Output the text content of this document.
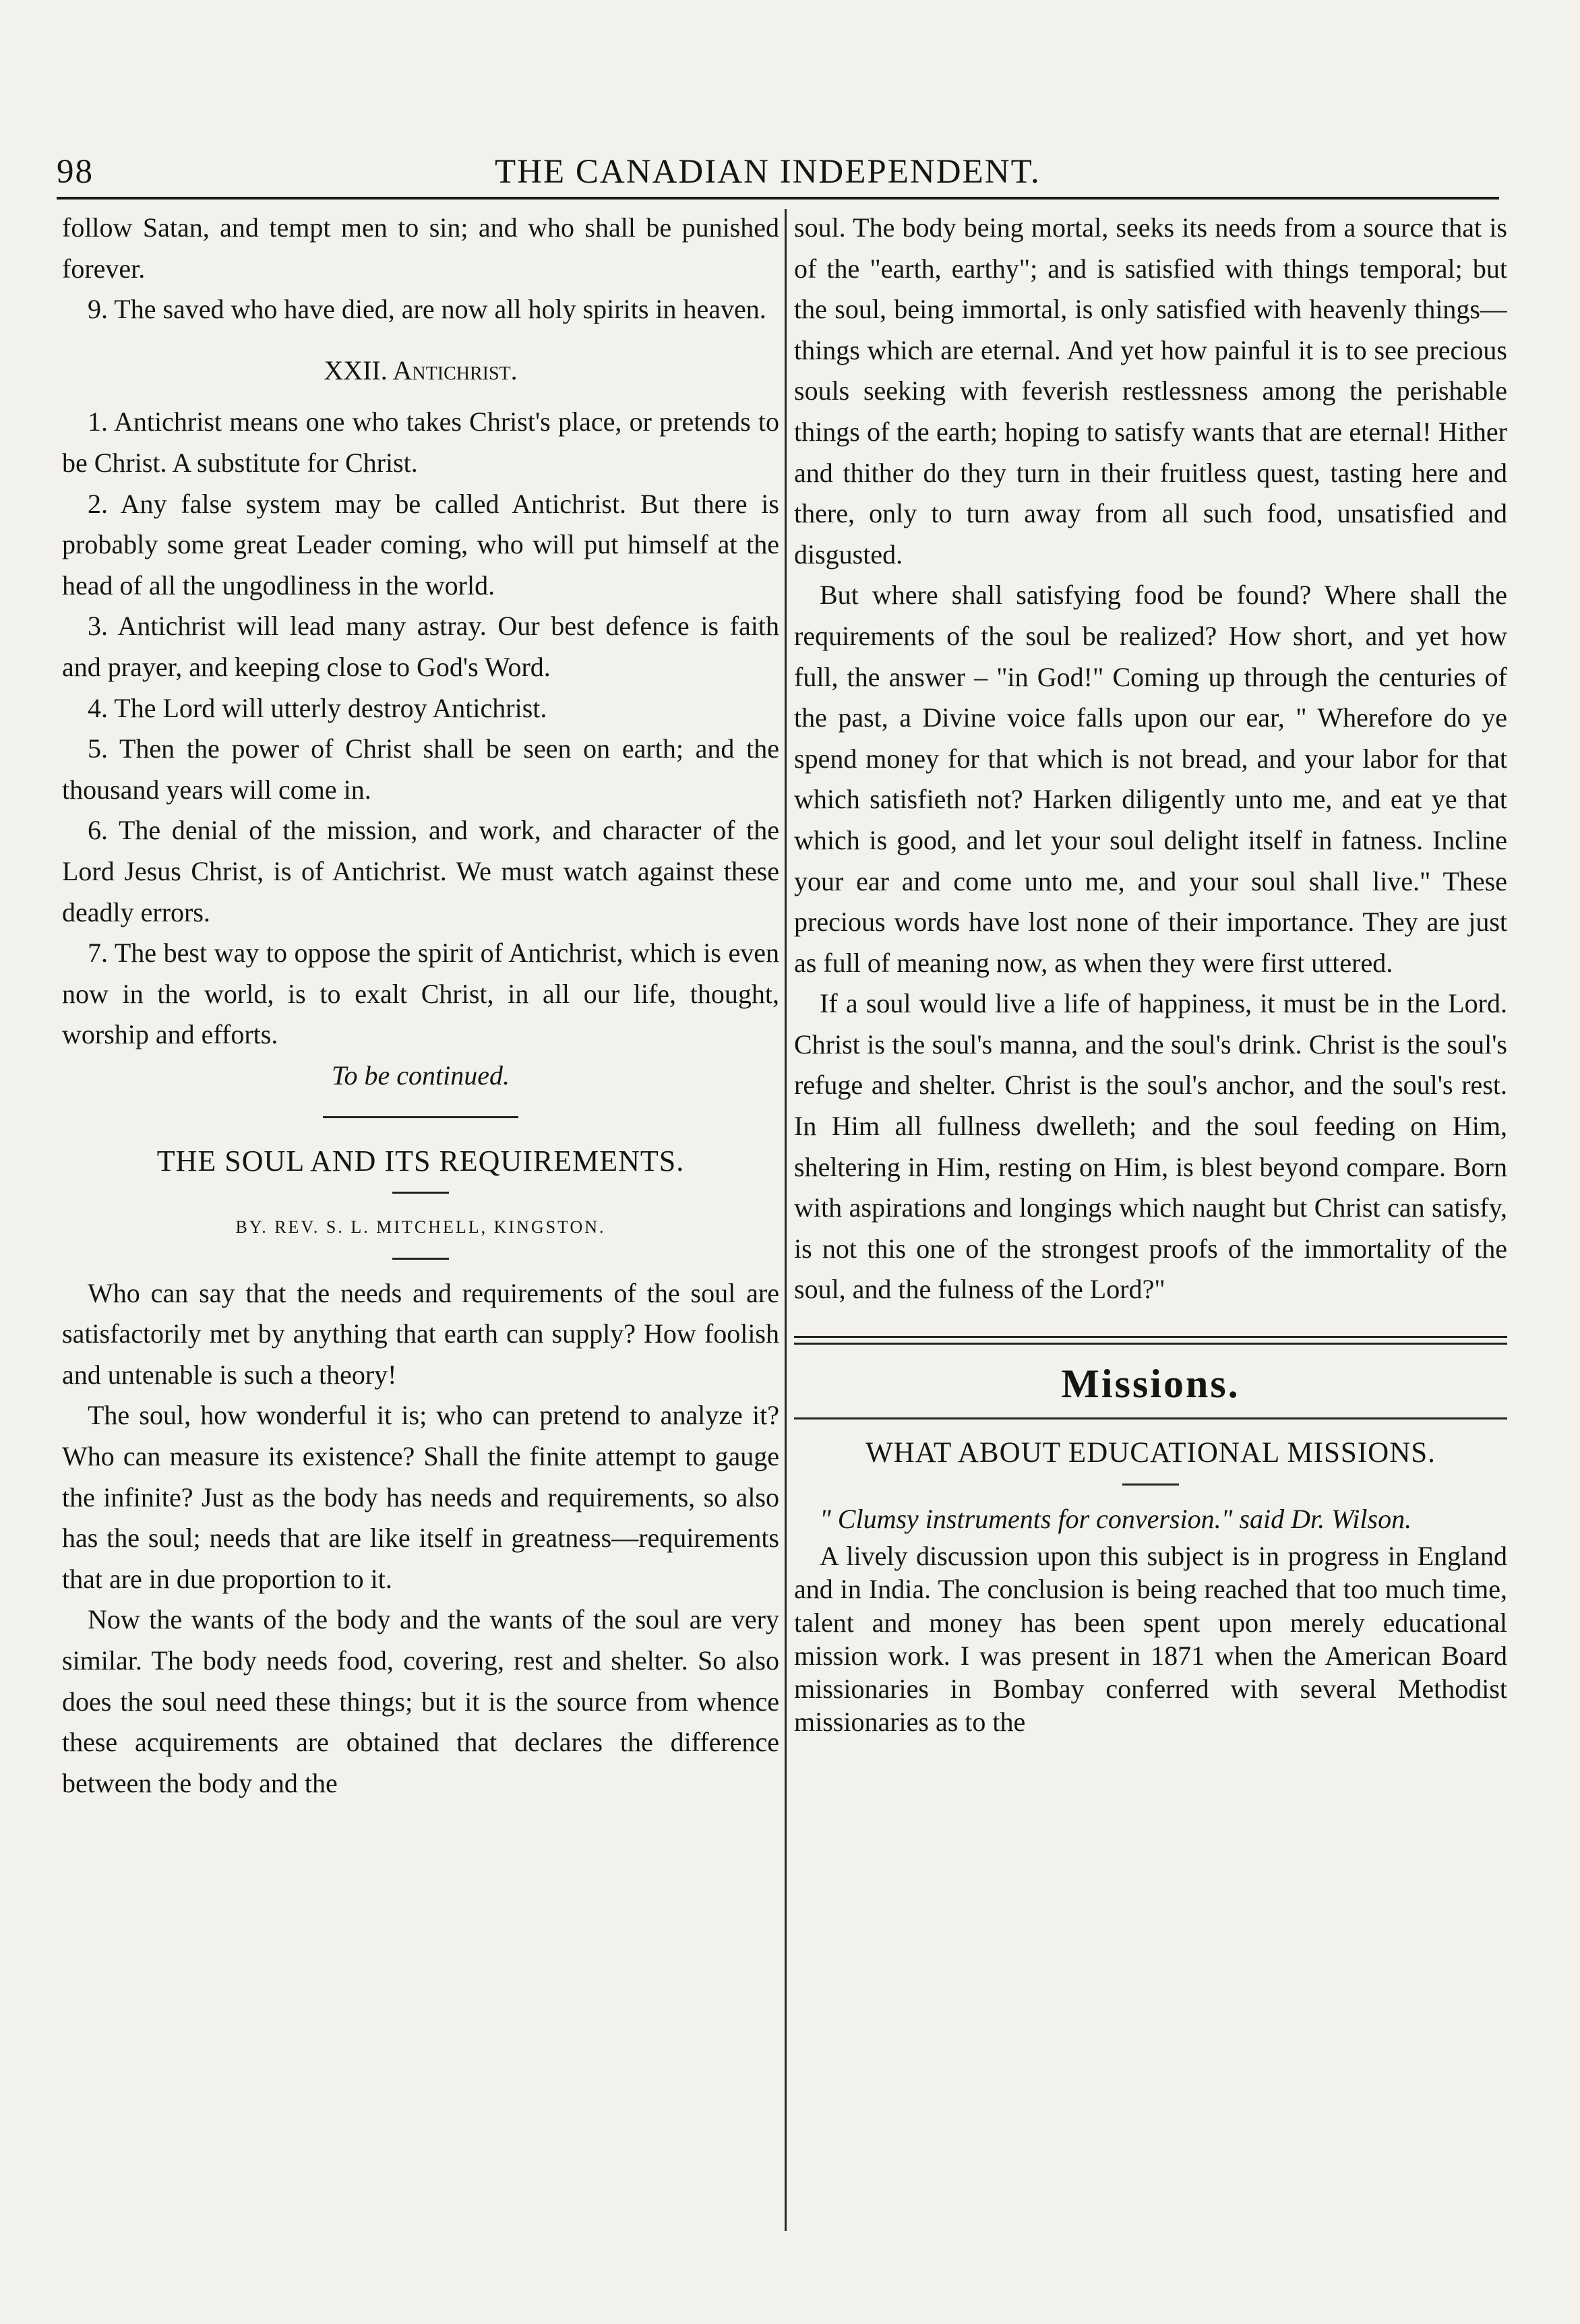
98	THE CANADIAN INDEPENDENT.

follow Satan, and tempt men to sin; and who shall be punished forever.

9. The saved who have died, are now all holy spirits in heaven.

XXII. Antichrist.

1. Antichrist means one who takes Christ's place, or pretends to be Christ. A substitute for Christ.

2. Any false system may be called Antichrist. But there is probably some great Leader coming, who will put himself at the head of all the ungodliness in the world.

3. Antichrist will lead many astray. Our best defence is faith and prayer, and keeping close to God's Word.

4. The Lord will utterly destroy Antichrist.

5. Then the power of Christ shall be seen on earth; and the thousand years will come in.

6. The denial of the mission, and work, and character of the Lord Jesus Christ, is of Antichrist. We must watch against these deadly errors.

7. The best way to oppose the spirit of Antichrist, which is even now in the world, is to exalt Christ, in all our life, thought, worship and efforts.

To be continued.

THE SOUL AND ITS REQUIREMENTS.

BY. REV. S. L. MITCHELL, KINGSTON.

Who can say that the needs and requirements of the soul are satisfactorily met by anything that earth can supply? How foolish and untenable is such a theory!

The soul, how wonderful it is; who can pretend to analyze it? Who can measure its existence? Shall the finite attempt to gauge the infinite? Just as the body has needs and requirements, so also has the soul; needs that are like itself in greatness—requirements that are in due proportion to it.

Now the wants of the body and the wants of the soul are very similar. The body needs food, covering, rest and shelter. So also does the soul need these things; but it is the source from whence these acquirements are obtained that declares the difference between the body and the

soul. The body being mortal, seeks its needs from a source that is of the "earth, earthy"; and is satisfied with things temporal; but the soul, being immortal, is only satisfied with heavenly things—things which are eternal. And yet how painful it is to see precious souls seeking with feverish restlessness among the perishable things of the earth; hoping to satisfy wants that are eternal! Hither and thither do they turn in their fruitless quest, tasting here and there, only to turn away from all such food, unsatisfied and disgusted.

But where shall satisfying food be found? Where shall the requirements of the soul be realized? How short, and yet how full, the answer – "in God!" Coming up through the centuries of the past, a Divine voice falls upon our ear, " Wherefore do ye spend money for that which is not bread, and your labor for that which satisfieth not? Harken diligently unto me, and eat ye that which is good, and let your soul delight itself in fatness. Incline your ear and come unto me, and your soul shall live." These precious words have lost none of their importance. They are just as full of meaning now, as when they were first uttered.

If a soul would live a life of happiness, it must be in the Lord. Christ is the soul's manna, and the soul's drink. Christ is the soul's refuge and shelter. Christ is the soul's anchor, and the soul's rest. In Him all fullness dwelleth; and the soul feeding on Him, sheltering in Him, resting on Him, is blest beyond compare. Born with aspirations and longings which naught but Christ can satisfy, is not this one of the strongest proofs of the immortality of the soul, and the fulness of the Lord?"

Missions.

WHAT ABOUT EDUCATIONAL MISSIONS.

" Clumsy instruments for conversion." said Dr. Wilson.

A lively discussion upon this subject is in progress in England and in India. The conclusion is being reached that too much time, talent and money has been spent upon merely educational mission work. I was present in 1871 when the American Board missionaries in Bombay conferred with several Methodist missionaries as to the
